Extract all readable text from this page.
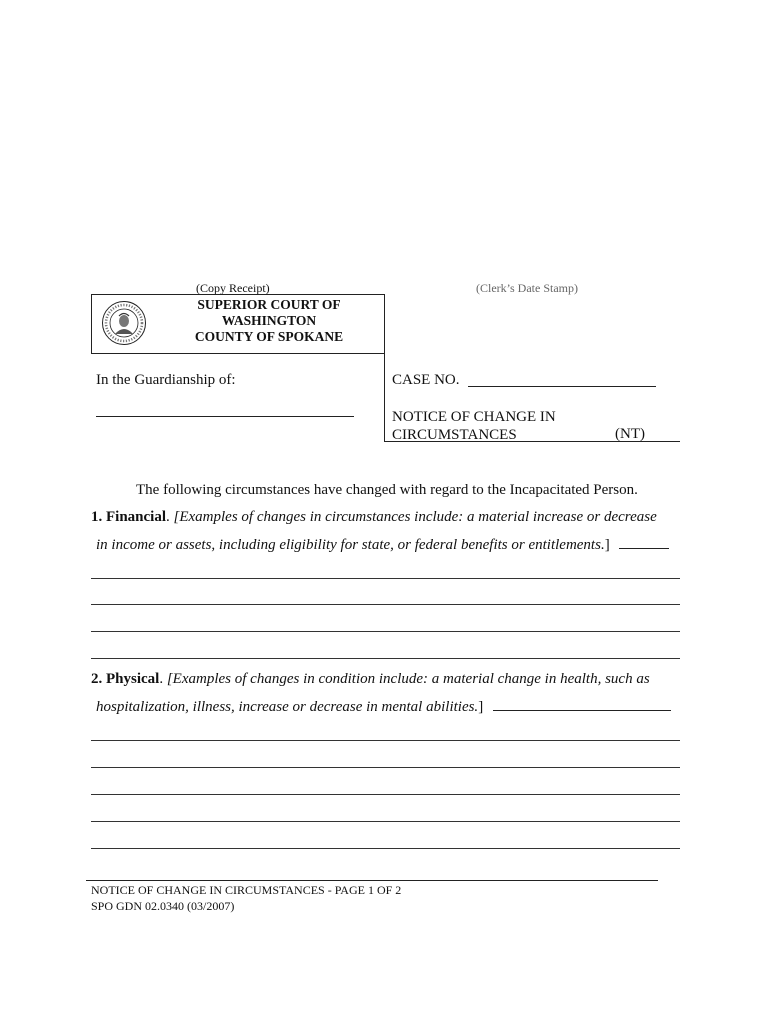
(Copy Receipt)	(Clerk’s Date Stamp)
SUPERIOR COURT OF
WASHINGTON
COUNTY OF SPOKANE
In the Guardianship of:	CASE NO.
NOTICE OF CHANGE IN
CIRCUMSTANCES	(NT)
The following circumstances have changed with regard to the Incapacitated Person.
1. Financial. [Examples of changes in circumstances include: a material increase or decrease
in income or assets, including eligibility for state, or federal benefits or entitlements.]
2. Physical. [Examples of changes in condition include: a material change in health, such as
hospitalization, illness, increase or decrease in mental abilities.]
NOTICE OF CHANGE IN CIRCUMSTANCES - PAGE 1 OF 2
SPO GDN 02.0340 (03/2007)
